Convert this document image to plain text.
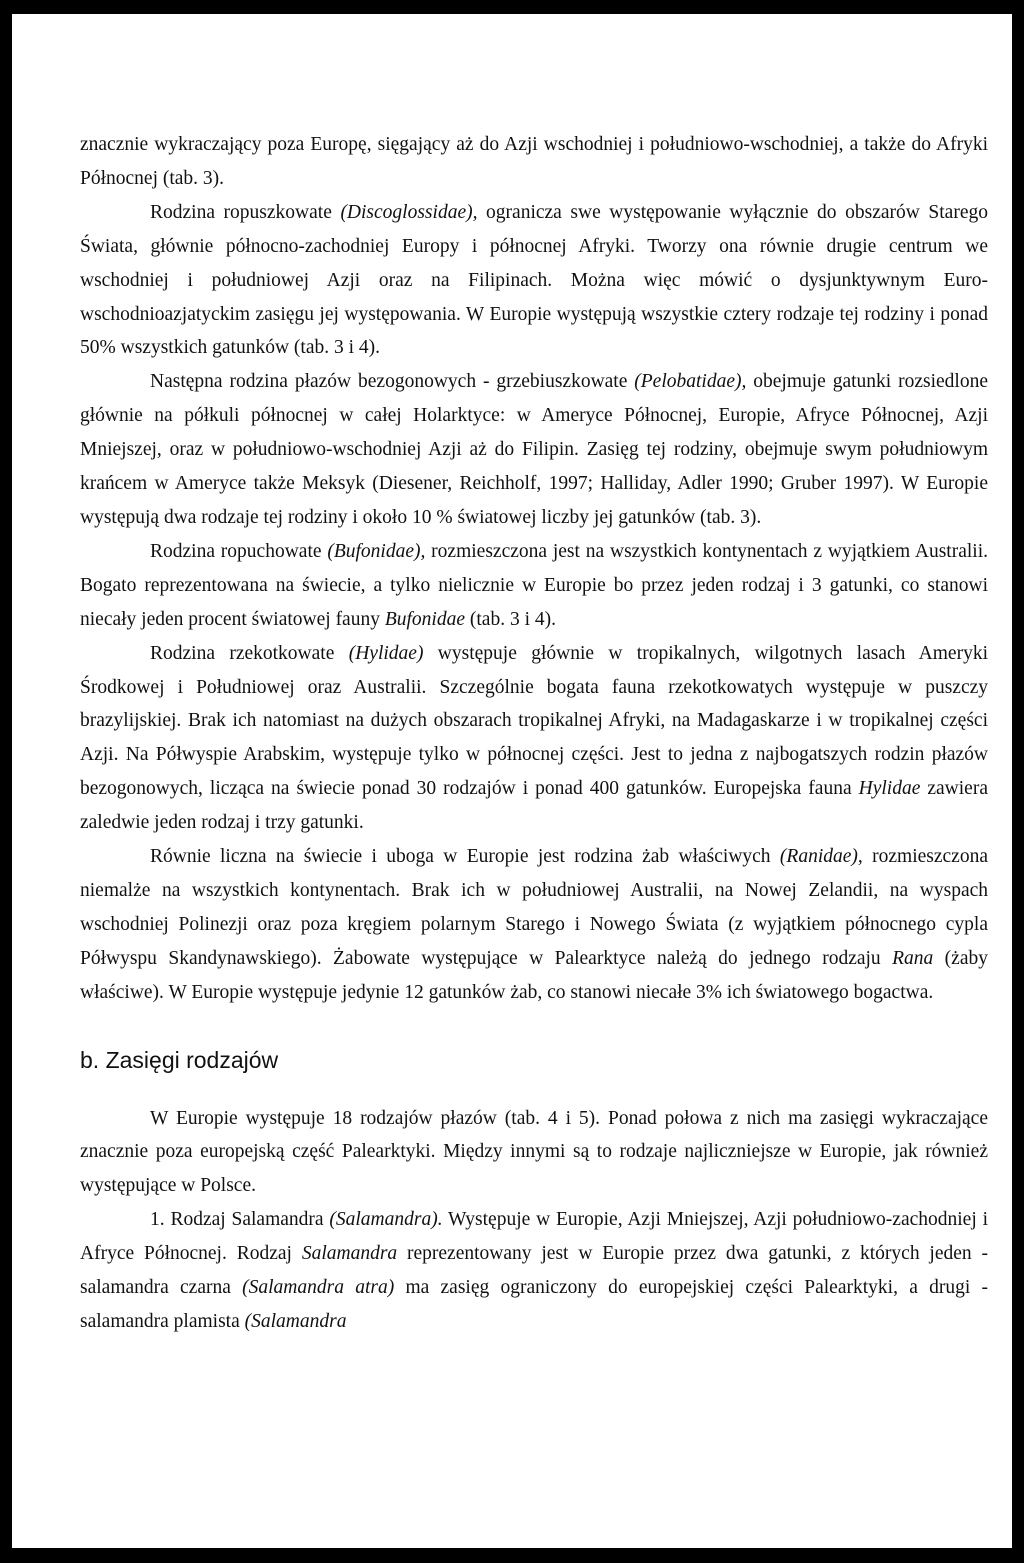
znacznie wykraczający poza Europę, sięgający aż do Azji wschodniej i południowo-wschodniej, a także do Afryki Północnej (tab. 3).

Rodzina ropuszkowate (Discoglossidae), ogranicza swe występowanie wyłącznie do obszarów Starego Świata, głównie północno-zachodniej Europy i północnej Afryki. Tworzy ona równie drugie centrum we wschodniej i południowej Azji oraz na Filipinach. Można więc mówić o dysjunktywnym Euro-wschodnioazjatyckim zasięgu jej występowania. W Europie występują wszystkie cztery rodzaje tej rodziny i ponad 50% wszystkich gatunków (tab. 3 i 4).

Następna rodzina płazów bezogonowych - grzebiuszkowate (Pelobatidae), obejmuje gatunki rozsiedlone głównie na półkuli północnej w całej Holarktyce: w Ameryce Północnej, Europie, Afryce Północnej, Azji Mniejszej, oraz w południowo-wschodniej Azji aż do Filipin. Zasięg tej rodziny, obejmuje swym południowym krańcem w Ameryce także Meksyk (Diesener, Reichholf, 1997; Halliday, Adler 1990; Gruber 1997). W Europie występują dwa rodzaje tej rodziny i około 10 % światowej liczby jej gatunków (tab. 3).

Rodzina ropuchowate (Bufonidae), rozmieszczona jest na wszystkich kontynentach z wyjątkiem Australii. Bogato reprezentowana na świecie, a tylko nielicznie w Europie bo przez jeden rodzaj i 3 gatunki, co stanowi niecały jeden procent światowej fauny Bufonidae (tab. 3 i 4).

Rodzina rzekotkowate (Hylidae) występuje głównie w tropikalnych, wilgotnych lasach Ameryki Środkowej i Południowej oraz Australii. Szczególnie bogata fauna rzekotkowatych występuje w puszczy brazylijskiej. Brak ich natomiast na dużych obszarach tropikalnej Afryki, na Madagaskarze i w tropikalnej części Azji. Na Półwyspie Arabskim, występuje tylko w północnej części. Jest to jedna z najbogatszych rodzin płazów bezogonowych, licząca na świecie ponad 30 rodzajów i ponad 400 gatunków. Europejska fauna Hylidae zawiera zaledwie jeden rodzaj i trzy gatunki.

Równie liczna na świecie i uboga w Europie jest rodzina żab właściwych (Ranidae), rozmieszczona niemalże na wszystkich kontynentach. Brak ich w południowej Australii, na Nowej Zelandii, na wyspach wschodniej Polinezji oraz poza kręgiem polarnym Starego i Nowego Świata (z wyjątkiem północnego cypla Półwyspu Skandynawskiego). Żabowate występujące w Palearktyce należą do jednego rodzaju Rana (żaby właściwe). W Europie występuje jedynie 12 gatunków żab, co stanowi niecałe 3% ich światowego bogactwa.

b. Zasięgi rodzajów

W Europie występuje 18 rodzajów płazów (tab. 4 i 5). Ponad połowa z nich ma zasięgi wykraczające znacznie poza europejską część Palearktyki. Między innymi są to rodzaje najliczniejsze w Europie, jak również występujące w Polsce.

1. Rodzaj Salamandra (Salamandra). Występuje w Europie, Azji Mniejszej, Azji południowo-zachodniej i Afryce Północnej. Rodzaj Salamandra reprezentowany jest w Europie przez dwa gatunki, z których jeden - salamandra czarna (Salamandra atra) ma zasięg ograniczony do europejskiej części Palearktyki, a drugi - salamandra plamista (Salamandra
